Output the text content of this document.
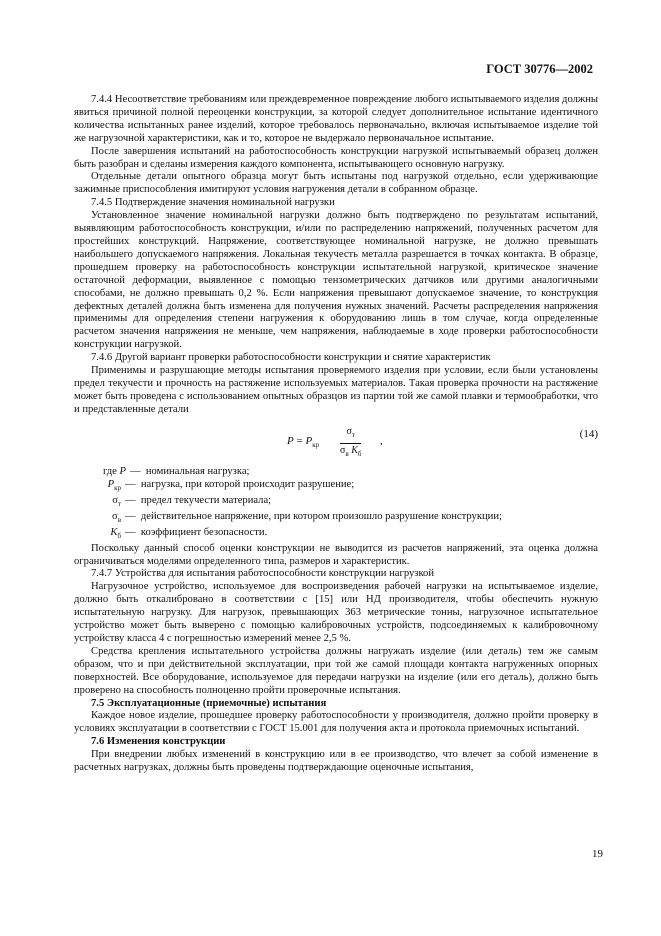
ГОСТ 30776—2002

7.4.4 Несоответствие требованиям или преждевременное повреждение любого испытываемого изделия должны явиться причиной полной переоценки конструкции, за которой следует дополнительное испытание идентичного количества испытанных ранее изделий, которое требовалось первоначально, включая испытываемое изделие той же нагрузочной характеристики, как и то, которое не выдержало первоначальное испытание.

После завершения испытаний на работоспособность конструкции нагрузкой испытываемый образец должен быть разобран и сделаны измерения каждого компонента, испытывающего основную нагрузку.

Отдельные детали опытного образца могут быть испытаны под нагрузкой отдельно, если удерживающие зажимные приспособления имитируют условия нагружения детали в собранном образце.

7.4.5 Подтверждение значения номинальной нагрузки

Установленное значение номинальной нагрузки должно быть подтверждено по результатам испытаний, выявляющим работоспособность конструкции, и/или по распределению напряжений, полученных расчетом для простейших конструкций. Напряжение, соответствующее номинальной нагрузке, не должно превышать наибольшего допускаемого напряжения. Локальная текучесть металла разрешается в точках контакта. В образце, прошедшем проверку на работоспособность конструкции испытательной нагрузкой, критическое значение остаточной деформации, выявленное с помощью тензометрических датчиков или другими аналогичными способами, не должно превышать 0,2 %. Если напряжения превышают допускаемое значение, то конструкция дефектных деталей должна быть изменена для получения нужных значений. Расчеты распределения напряжения применимы для определения степени нагружения к оборудованию лишь в том случае, когда определенные расчетом значения напряжения не меньше, чем напряжения, наблюдаемые в ходе проверки работоспособности конструкции нагрузкой.

7.4.6 Другой вариант проверки работоспособности конструкции и снятие характеристик

Применимы и разрушающие методы испытания проверяемого изделия при условии, если были установлены предел текучести и прочность на растяжение используемых материалов. Такая проверка прочности на растяжение может быть проведена с использованием опытных образцов из партии той же самой плавки и термообработки, что и представленные детали

$P = P_{кр}$
$\sigma_т$
$\sigma_в$ $K_б$
,
(14)
где P —
номинальная нагрузка;
$P_{кр}$ —
нагрузка, при которой происходит разрушение;
$\sigma_т$ —
предел текучести материала;
$\sigma_в$ —
действительное напряжение, при котором произошло разрушение конструкции;
$K_б$ —
коэффициент безопасности.

Поскольку данный способ оценки конструкции не выводится из расчетов напряжений, эта оценка должна ограничиваться моделями определенного типа, размеров и характеристик.

7.4.7 Устройства для испытания работоспособности конструкции нагрузкой

Нагрузочное устройство, используемое для воспроизведения рабочей нагрузки на испытываемое изделие, должно быть откалибровано в соответствии с [15] или НД производителя, чтобы обеспечить нужную испытательную нагрузку. Для нагрузок, превышающих 363 метрические тонны, нагрузочное испытательное устройство может быть выверено с помощью калибровочных устройств, подсоединяемых к калибровочному устройству класса 4 с погрешностью измерений менее 2,5 %.

Средства крепления испытательного устройства должны нагружать изделие (или деталь) тем же самым образом, что и при действительной эксплуатации, при той же самой площади контакта нагруженных опорных поверхностей. Все оборудование, используемое для передачи нагрузки на изделие (или его деталь), должно быть проверено на способность полноценно пройти проверочные испытания.

7.5 Эксплуатационные (приемочные) испытания

Каждое новое изделие, прошедшее проверку работоспособности у производителя, должно пройти проверку в условиях эксплуатации в соответствии с ГОСТ 15.001 для получения акта и протокола приемочных испытаний.

7.6 Изменения конструкции

При внедрении любых изменений в конструкцию или в ее производство, что влечет за собой изменение в расчетных нагрузках, должны быть проведены подтверждающие оценочные испытания,

19
